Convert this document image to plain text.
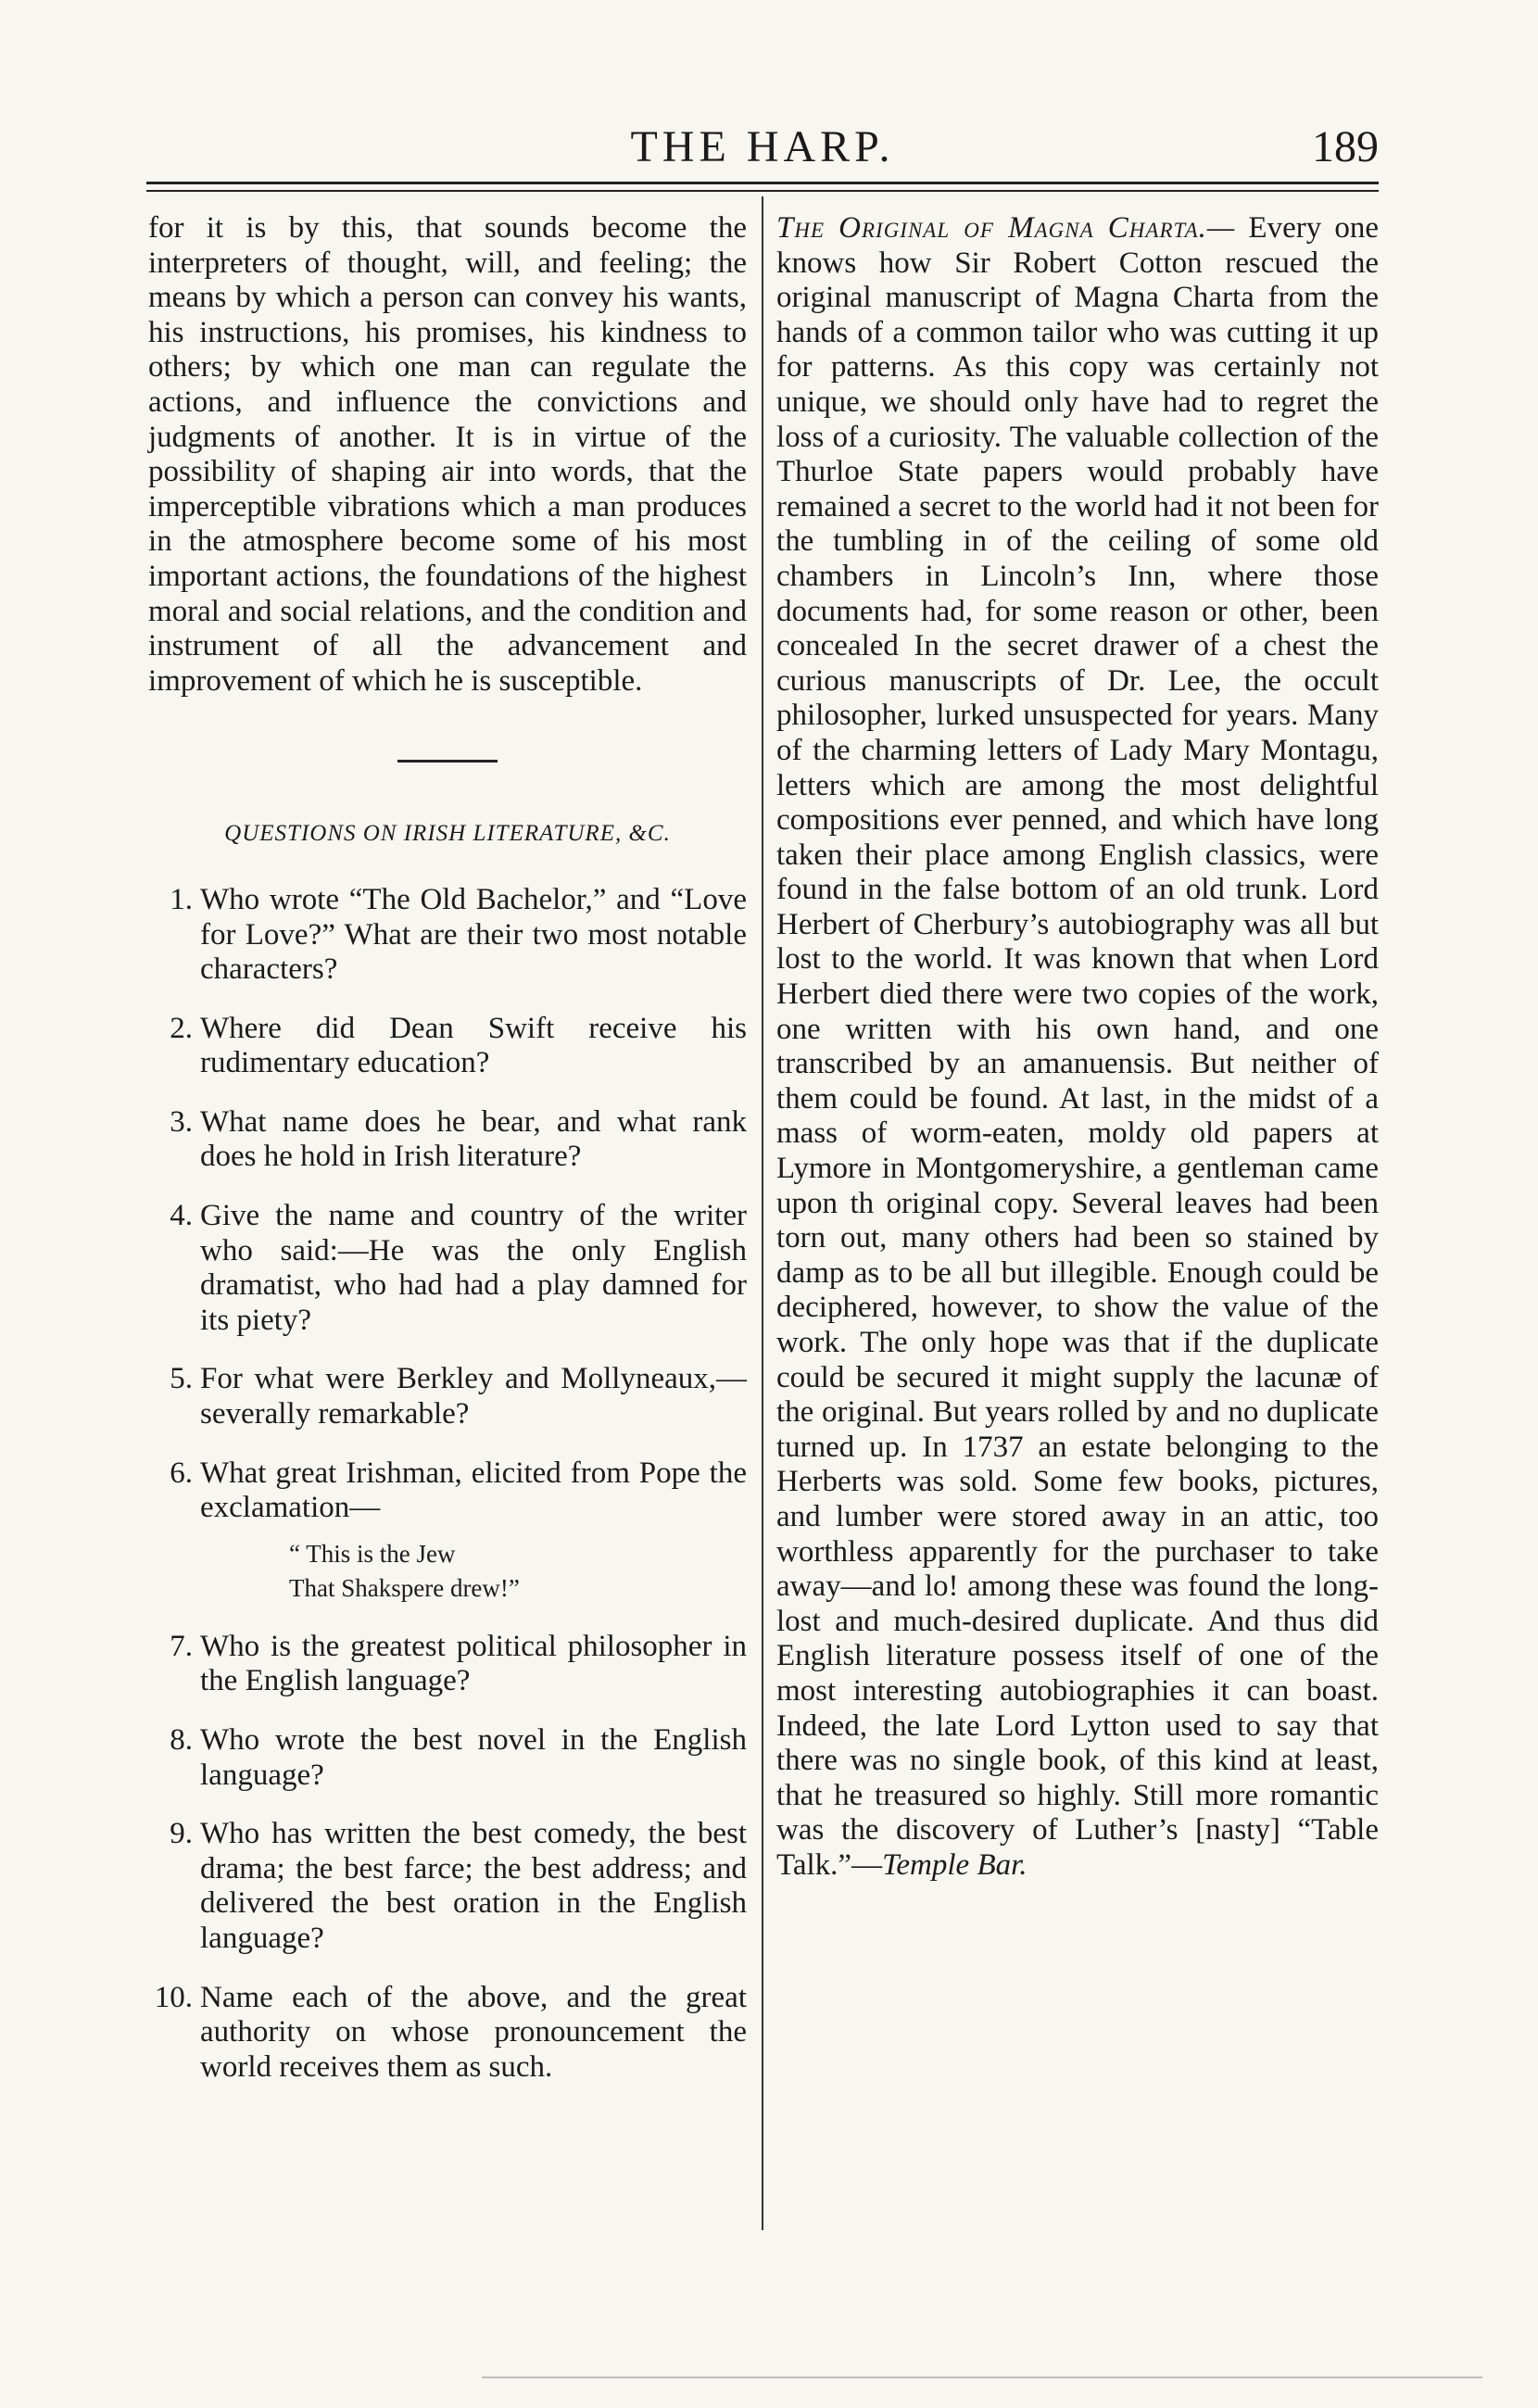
THE HARP.	189

for it is by this, that sounds become the interpreters of thought, will, and feeling; the means by which a person can convey his wants, his instructions, his promises, his kindness to others; by which one man can regulate the actions, and influence the convictions and judgments of another. It is in virtue of the possibility of shaping air into words, that the imperceptible vibrations which a man produces in the atmosphere become some of his most important actions, the foundations of the highest moral and social relations, and the condition and instrument of all the advancement and improvement of which he is susceptible.

QUESTIONS ON IRISH LITERATURE, &C.
1. Who wrote “The Old Bachelor,” and “Love for Love?” What are their two most notable characters?
2. Where did Dean Swift receive his rudimentary education?
3. What name does he bear, and what rank does he hold in Irish literature?
4. Give the name and country of the writer who said:—He was the only English dramatist, who had had a play damned for its piety?
5. For what were Berkley and Mollyneaux,—severally remarkable?
6. What great Irishman, elicited from Pope the exclamation—
“ This is the Jew
That Shakspere drew!”
7. Who is the greatest political philosopher in the English language?
8. Who wrote the best novel in the English language?
9. Who has written the best comedy, the best drama; the best farce; the best address; and delivered the best oration in the English language?
10. Name each of the above, and the great authority on whose pronouncement the world receives them as such.

The Original of Magna Charta.— Every one knows how Sir Robert Cotton rescued the original manuscript of Magna Charta from the hands of a common tailor who was cutting it up for patterns. As this copy was certainly not unique, we should only have had to regret the loss of a curiosity. The valuable collection of the Thurloe State papers would probably have remained a secret to the world had it not been for the tumbling in of the ceiling of some old chambers in Lincoln’s Inn, where those documents had, for some reason or other, been concealed In the secret drawer of a chest the curious manuscripts of Dr. Lee, the occult philosopher, lurked unsuspected for years. Many of the charming letters of Lady Mary Montagu, letters which are among the most delightful compositions ever penned, and which have long taken their place among English classics, were found in the false bottom of an old trunk. Lord Herbert of Cherbury’s autobiography was all but lost to the world. It was known that when Lord Herbert died there were two copies of the work, one written with his own hand, and one transcribed by an amanuensis. But neither of them could be found. At last, in the midst of a mass of worm-eaten, moldy old papers at Lymore in Montgomeryshire, a gentleman came upon th original copy. Several leaves had been torn out, many others had been so stained by damp as to be all but illegible. Enough could be deciphered, however, to show the value of the work. The only hope was that if the duplicate could be secured it might supply the lacunæ of the original. But years rolled by and no duplicate turned up. In 1737 an estate belonging to the Herberts was sold. Some few books, pictures, and lumber were stored away in an attic, too worthless apparently for the purchaser to take away—and lo! among these was found the long-lost and much-desired duplicate. And thus did English literature possess itself of one of the most interesting autobiographies it can boast. Indeed, the late Lord Lytton used to say that there was no single book, of this kind at least, that he treasured so highly. Still more romantic was the discovery of Luther’s [nasty] “Table Talk.”—Temple Bar.
